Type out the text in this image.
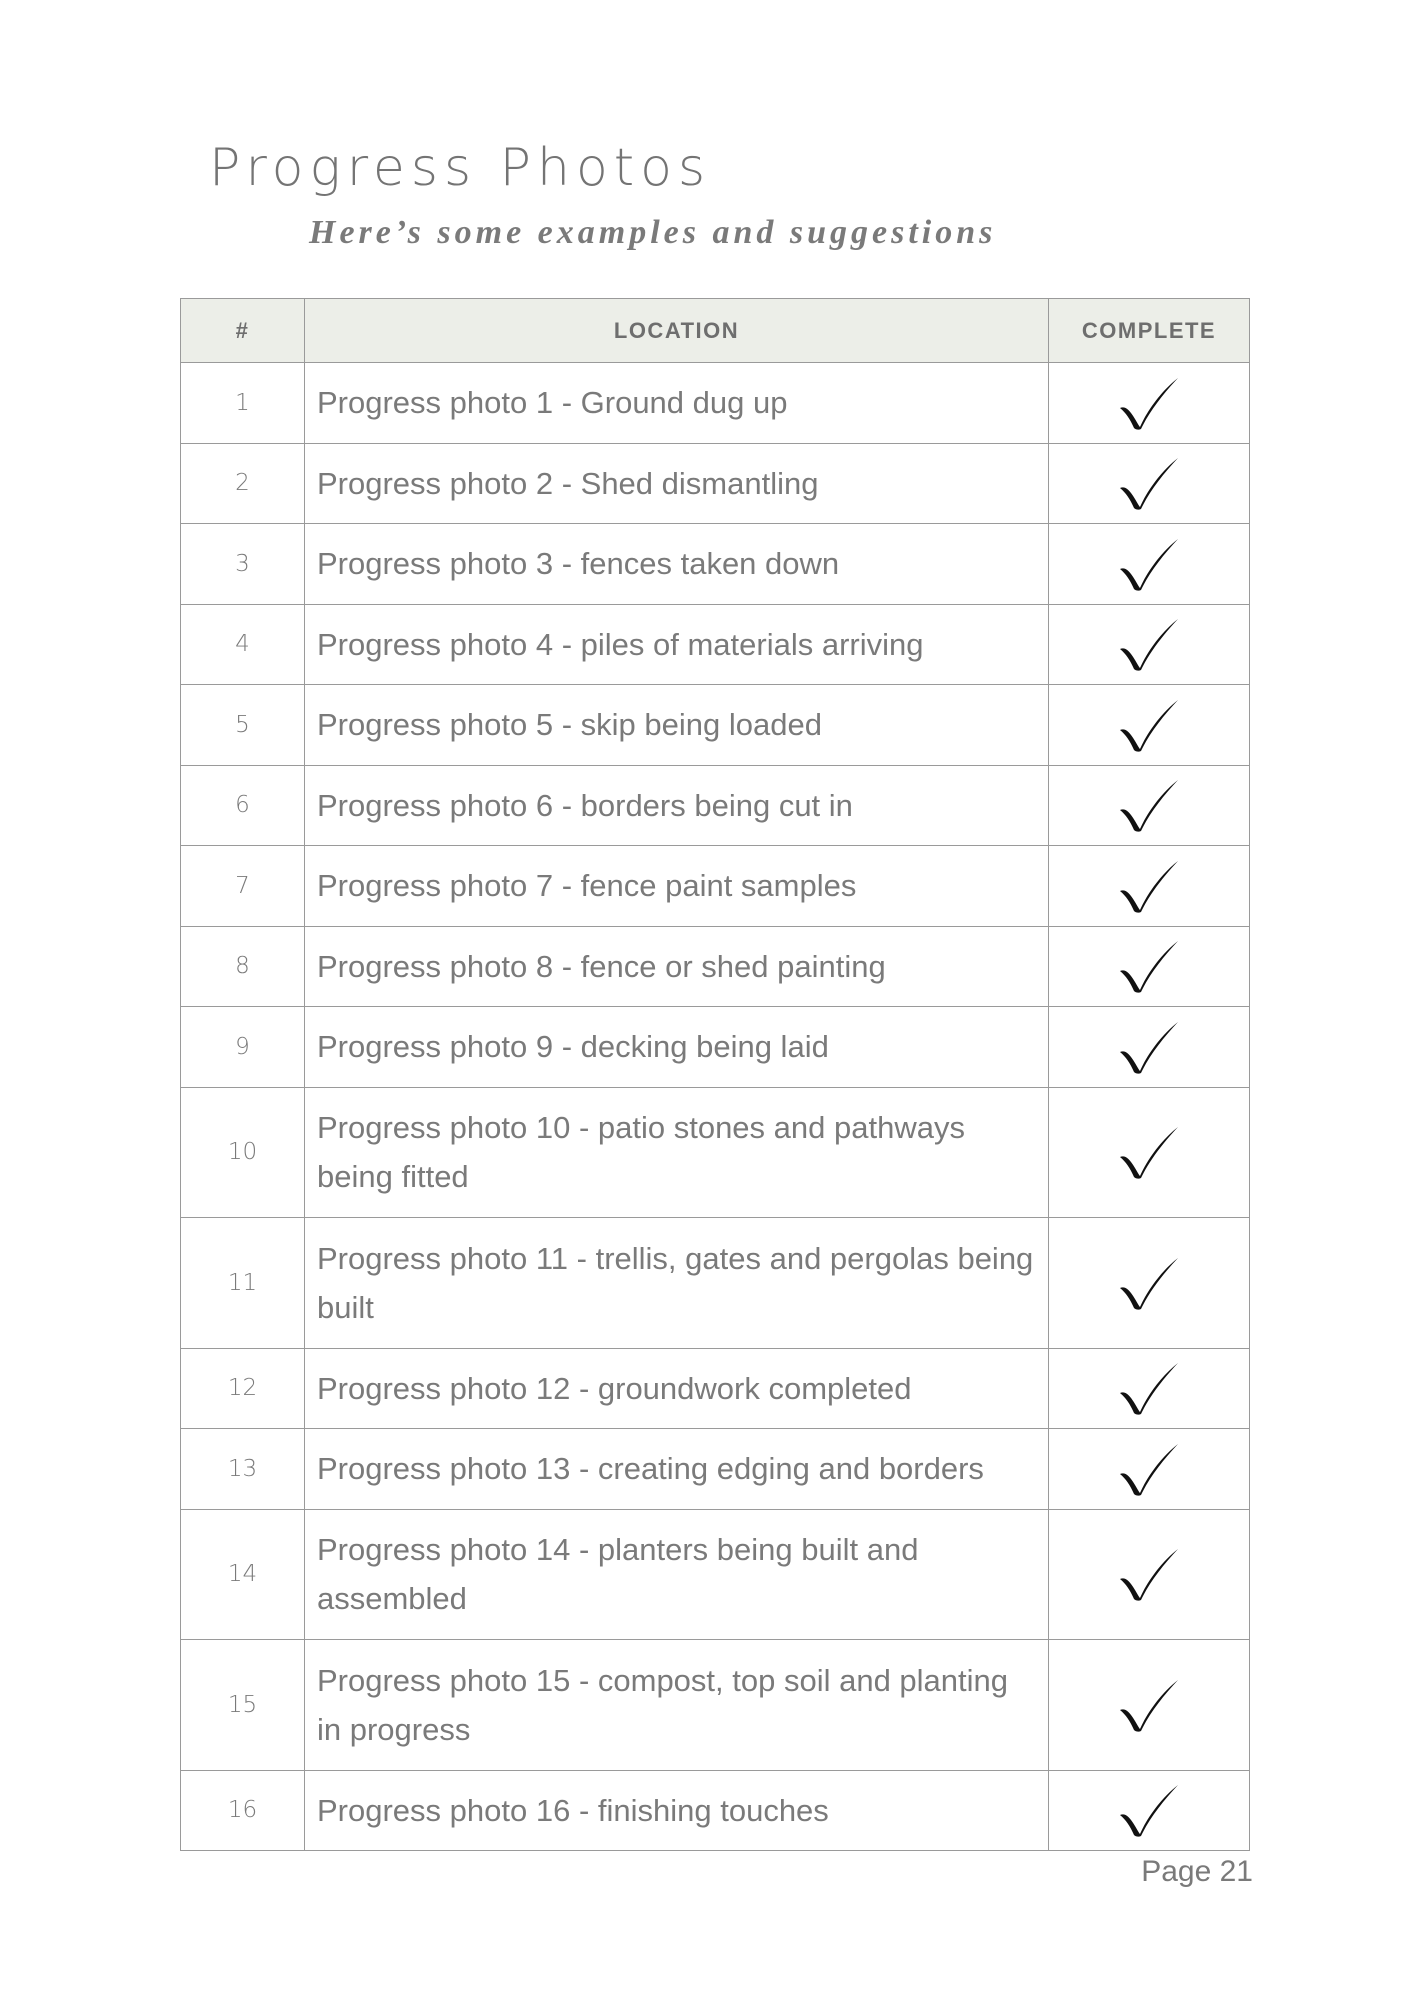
Progress Photos
Here’s some examples and suggestions
#	LOCATION	COMPLETE
1	Progress photo 1 - Ground dug up	
2	Progress photo 2 - Shed dismantling	
3	Progress photo 3 - fences taken down	
4	Progress photo 4 - piles of materials arriving	
5	Progress photo 5 - skip being loaded	
6	Progress photo 6 - borders being cut in	
7	Progress photo 7 - fence paint samples	
8	Progress photo 8 - fence or shed painting	
9	Progress photo 9 - decking being laid	
10	Progress photo 10 - patio stones and pathways being fitted	
11	Progress photo 11 - trellis, gates and pergolas being built	
12	Progress photo 12 - groundwork completed	
13	Progress photo 13 - creating edging and borders	
14	Progress photo 14 - planters being built and assembled	
15	Progress photo 15 - compost, top soil and planting in progress	
16	Progress photo 16 - finishing touches	
Page 21
